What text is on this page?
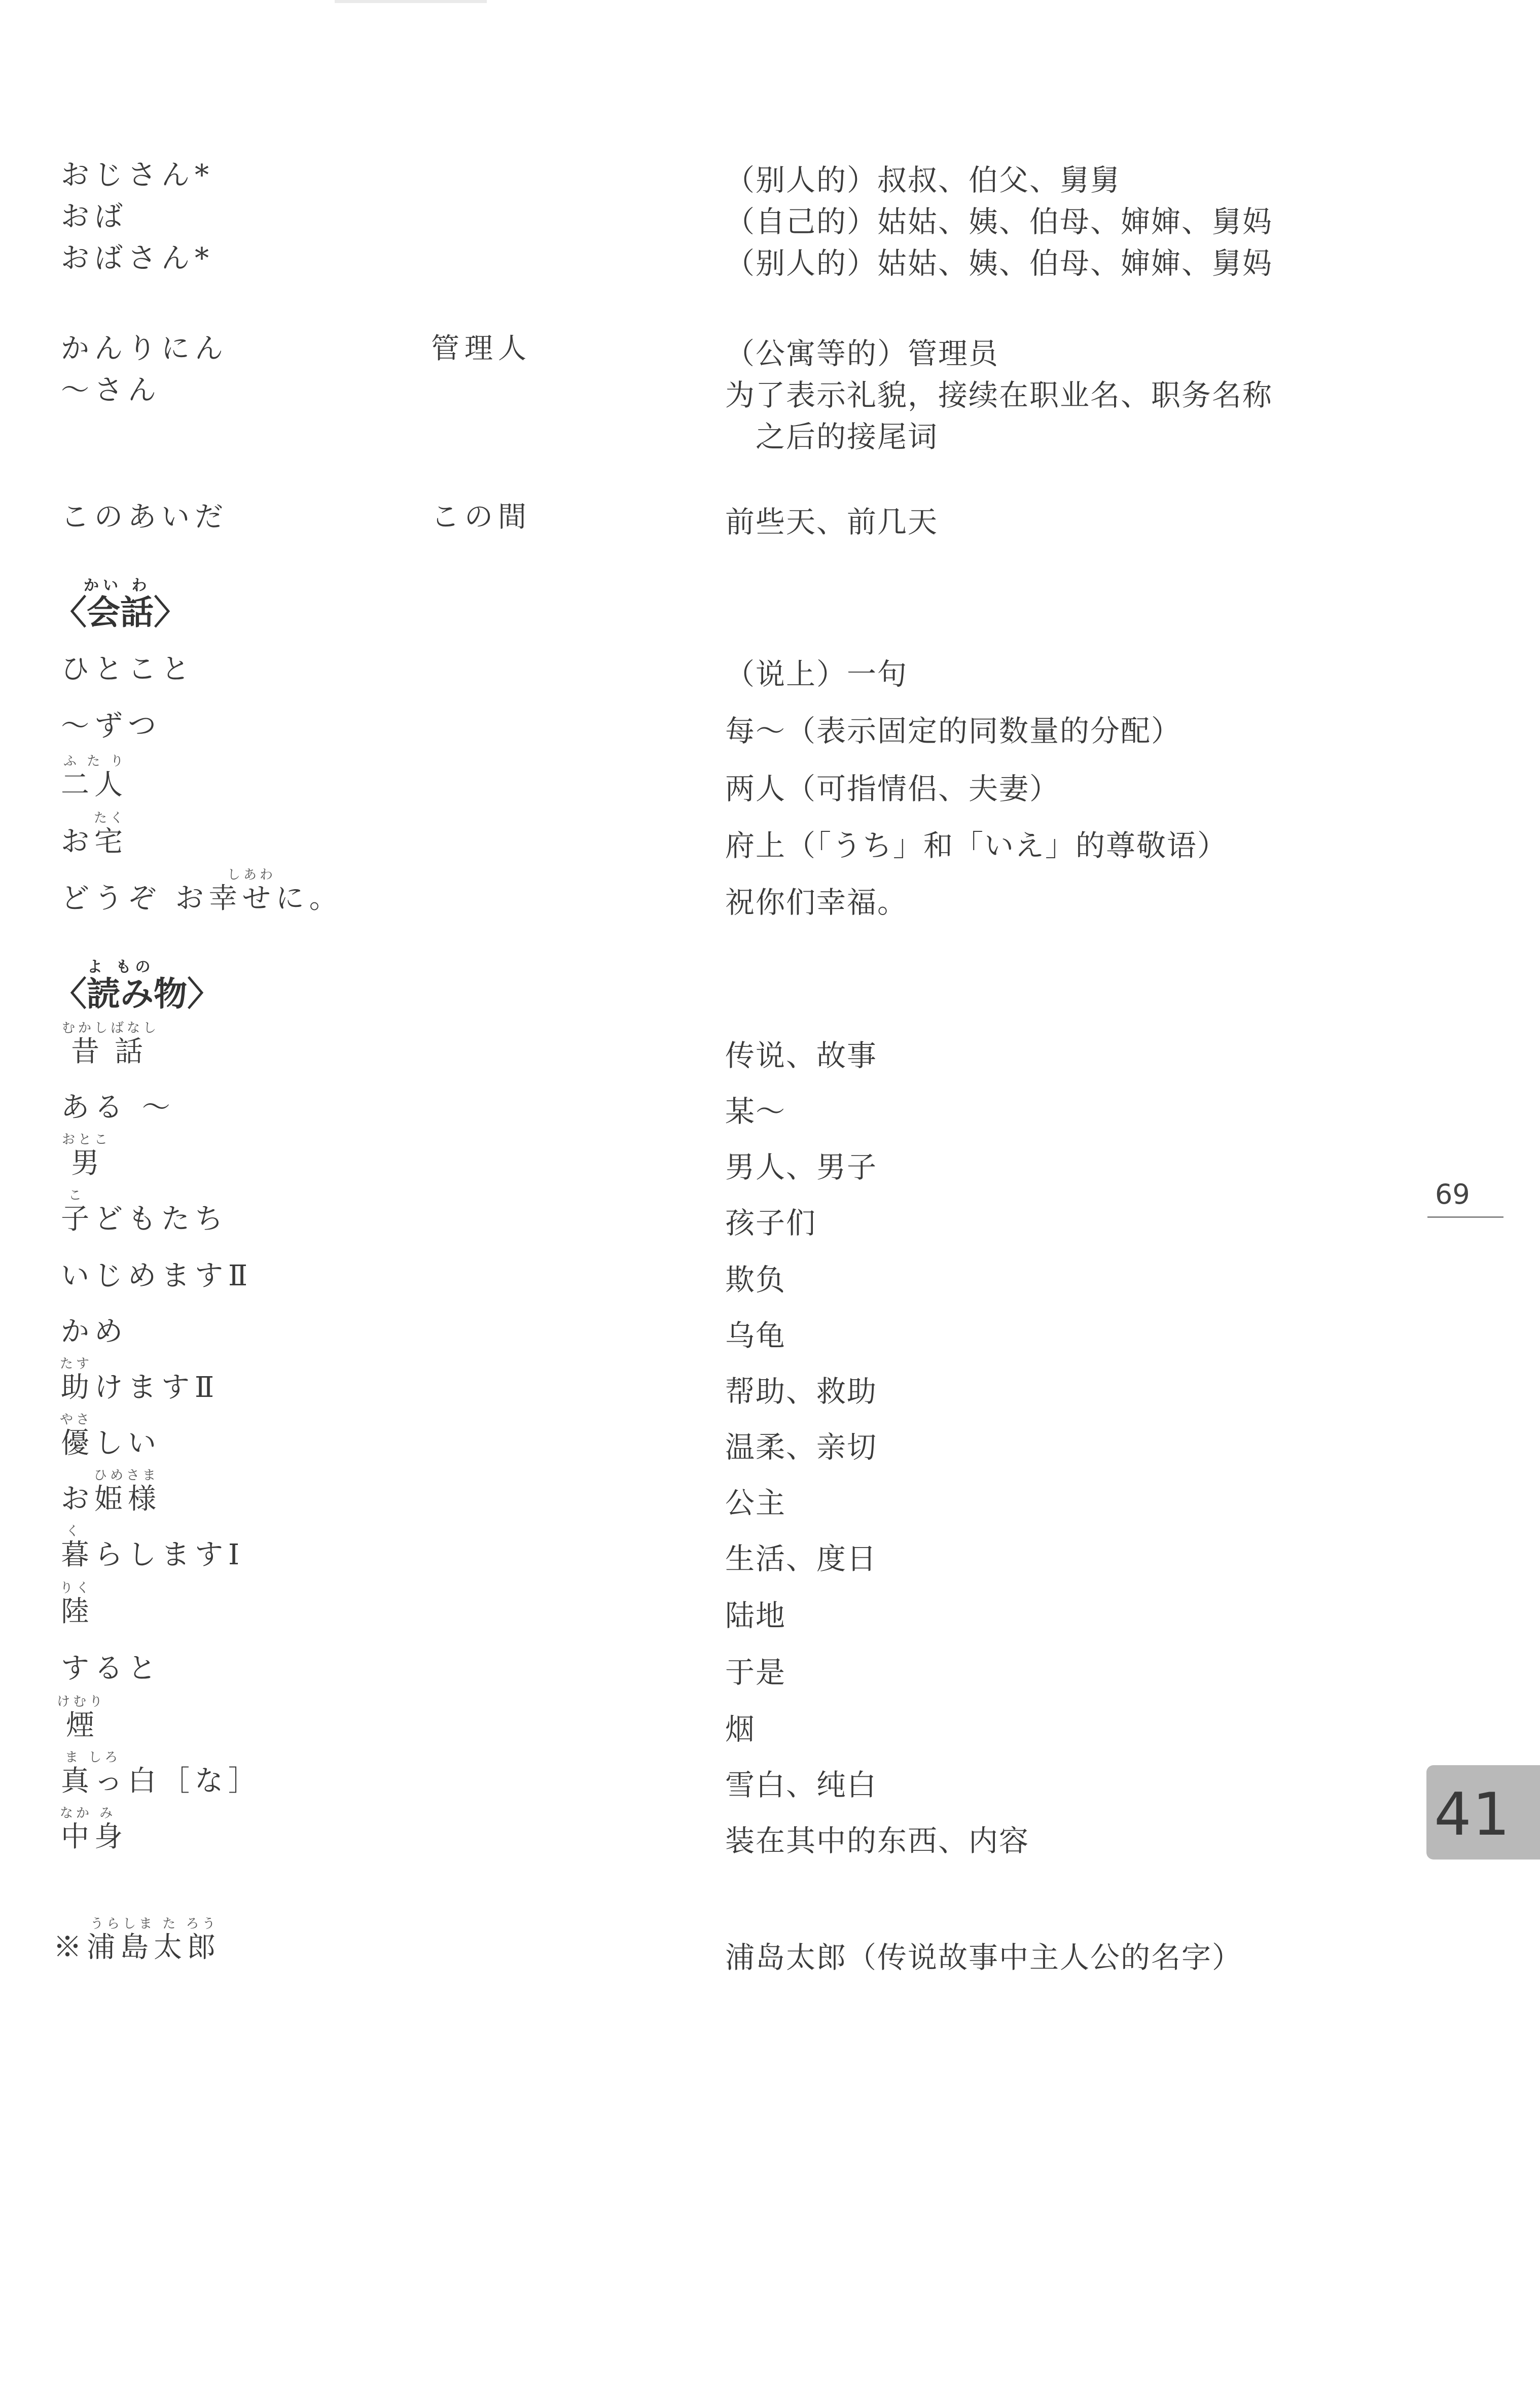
おじさん*	（别人的）叔叔、伯父、舅舅
おば	（自己的）姑姑、姨、伯母、婶婶、舅妈
おばさん*	（别人的）姑姑、姨、伯母、婶婶、舅妈
かんりにん	管理人	（公寓等的）管理员
～さん	为了表示礼貌，接续在职业名、职务名称
之后的接尾词
このあいだ	この間	前些天、前几天
かい わ
〈会話〉
ひとこと	（说上）一句
～ずつ	每～（表示固定的同数量的分配）
ふ た り
二人	两人（可指情侣、夫妻）
たく
お宅	府上（「うち」和「いえ」的尊敬语）
しあわ
どうぞ お幸せに。	祝你们幸福。
よ もの
〈読み物〉
むかしばなし
昔話	传说、故事
ある ～	某～
おとこ
男	男人、男子
こ
子どもたち	孩子们
いじめますⅡ	欺负
かめ	乌龟
たす
助けますⅡ	帮助、救助
やさ
優しい	温柔、亲切
ひめさま
お姫様	公主
く
暮らしますⅠ	生活、度日
りく
陸	陆地
すると	于是
けむり
煙	烟
ま しろ
真っ白［な］	雪白、纯白
なか み
中身	装在其中的东西、内容
うらしま た ろう
※浦島太郎	浦岛太郎（传说故事中主人公的名字）
69
41
